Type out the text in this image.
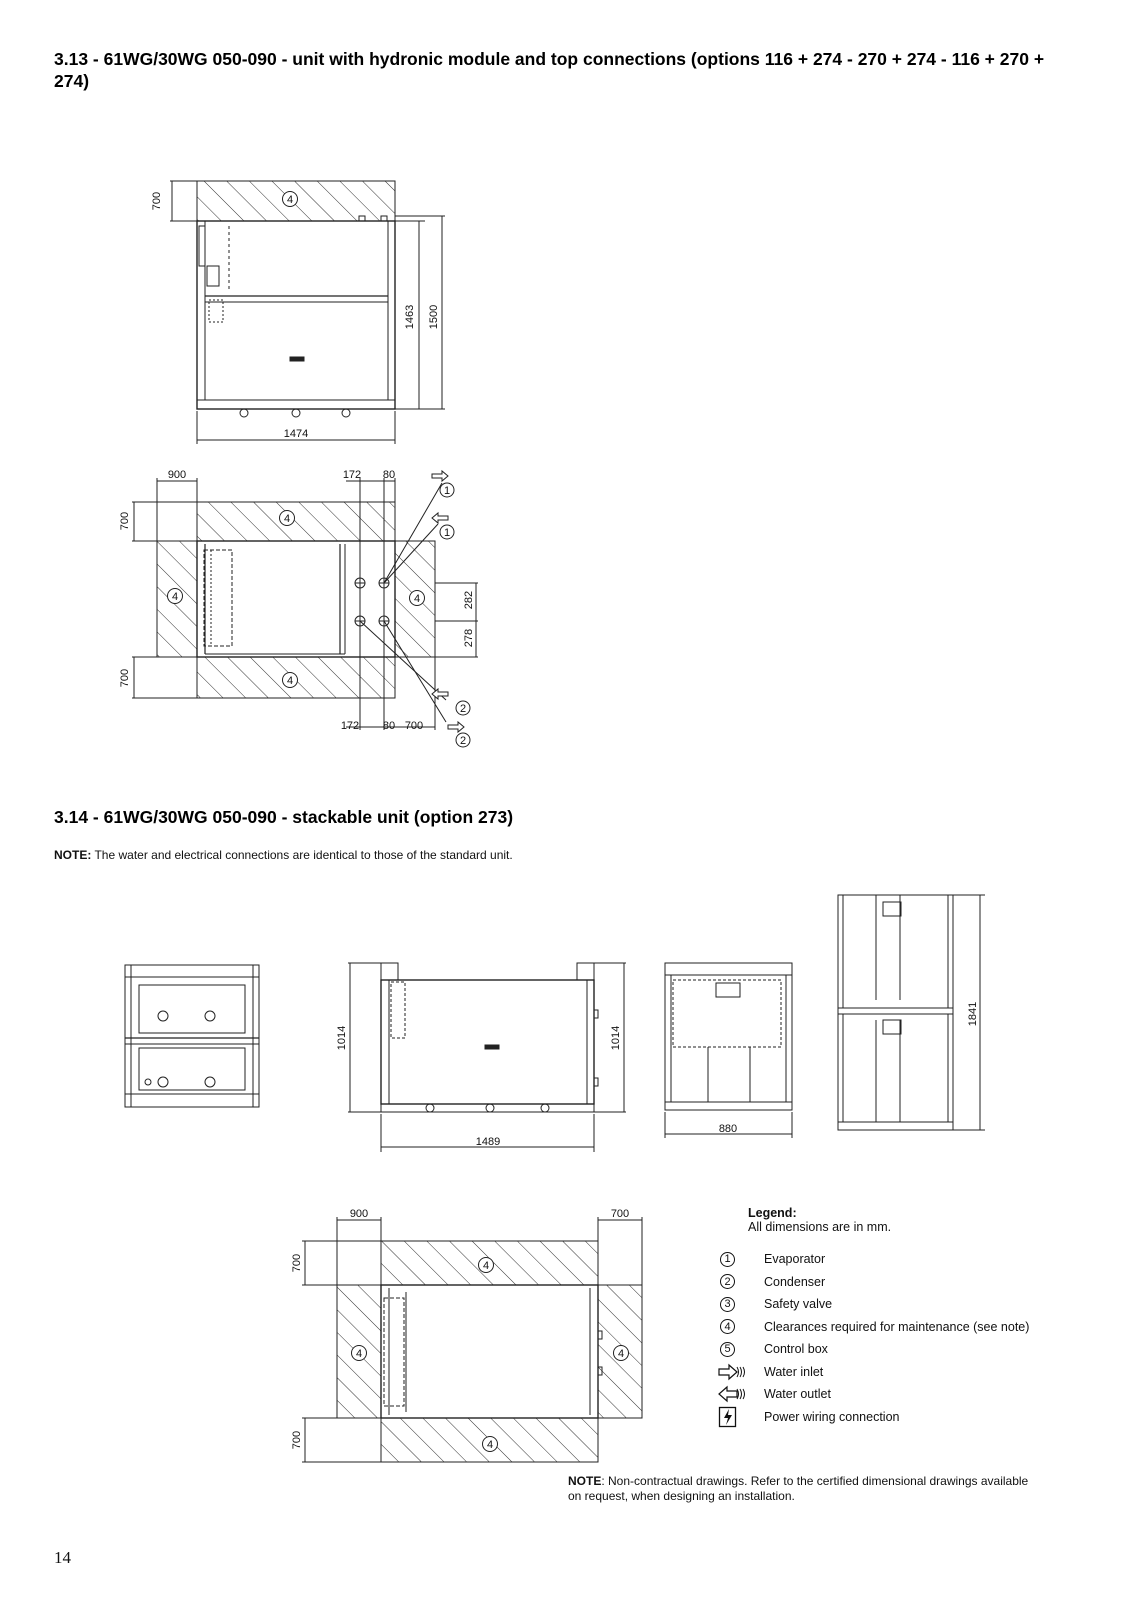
3.13 - 61WG/30WG 050-090 - unit with hydronic module and top connections (options 116 + 274 - 270 + 274 - 116 + 270 + 274)
700
1463 1500
1474
4
900	172 80
700
700
282
278
172 80 700
4
4	4
4
1
1
2
2
1014	1014
1489
880
1841
900	700
700
700
4
4	4
4
3.14 - 61WG/30WG 050-090 - stackable unit (option 273)
NOTE: The water and electrical connections are identical to those of the standard unit.
Legend:
All dimensions are in mm.
1	Evaporator
2	Condenser
3	Safety valve
4	Clearances required for maintenance (see note)
5	Control box
Water inlet
Water outlet
Power wiring connection
NOTE: Non-contractual drawings. Refer to the certified dimensional drawings available on request, when designing an installation.
14
